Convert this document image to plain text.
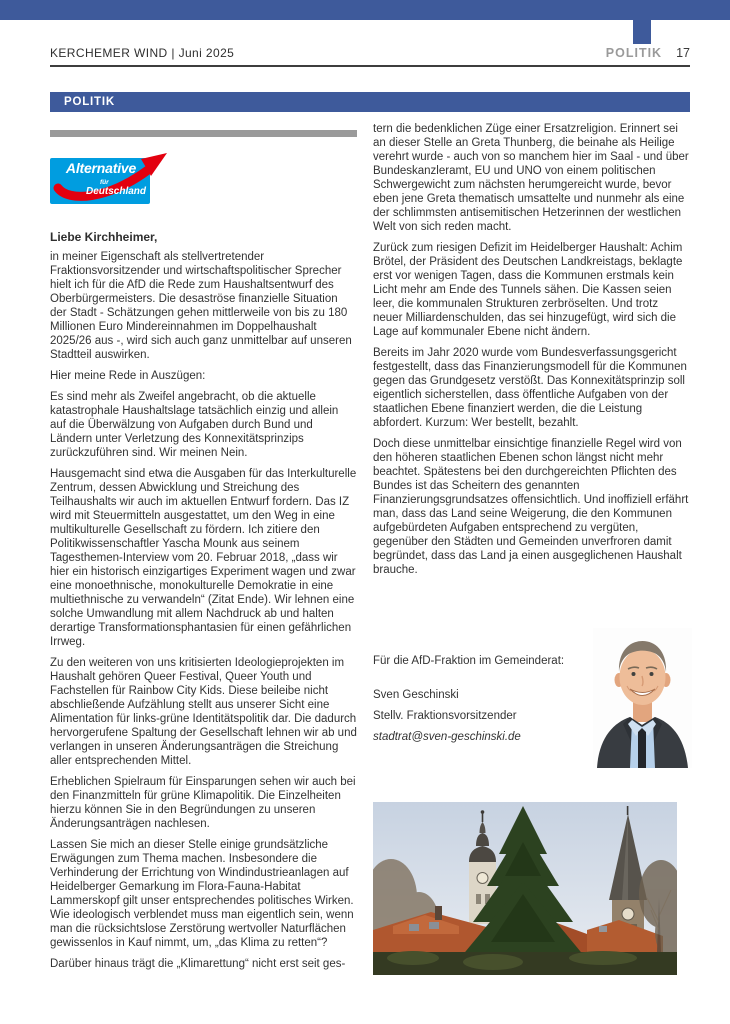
KERCHEMER WIND | Juni 2025	POLITIK 17
POLITIK
Alternative
für
Deutschland

Liebe Kirchheimer,

in meiner Eigenschaft als stellvertretender Fraktionsvorsitzender und wirtschaftspolitischer Sprecher hielt ich für die AfD die Rede zum Haushaltsentwurf des Oberbürgermeisters. Die desaströse finanzielle Situation der Stadt - Schätzungen gehen mittlerweile von bis zu 180 Millionen Euro Mindereinnahmen im Doppelhaushalt 2025/26 aus -, wird sich auch ganz unmittelbar auf unseren Stadtteil auswirken.

Hier meine Rede in Auszügen:

Es sind mehr als Zweifel angebracht, ob die aktuelle katastrophale Haushaltslage tatsächlich einzig und allein auf die Überwälzung von Aufgaben durch Bund und Ländern unter Verletzung des Konnexitätsprinzips zurückzuführen sind. Wir meinen Nein.

Hausgemacht sind etwa die Ausgaben für das Interkulturelle Zentrum, dessen Abwicklung und Streichung des Teilhaushalts wir auch im aktuellen Entwurf fordern. Das IZ wird mit Steuermitteln ausgestattet, um den Weg in eine multikulturelle Gesellschaft zu fördern. Ich zitiere den Politikwissenschaftler Yascha Mounk aus seinem Tagesthemen-Interview vom 20. Februar 2018, „dass wir hier ein historisch einzigartiges Experiment wagen und zwar eine monoethnische, monokulturelle Demokratie in eine multiethnische zu verwandeln“ (Zitat Ende). Wir lehnen eine solche Umwandlung mit allem Nachdruck ab und halten derartige Transformationsphantasien für einen gefährlichen Irrweg.

Zu den weiteren von uns kritisierten Ideologieprojekten im Haushalt gehören Queer Festival, Queer Youth und Fachstellen für Rainbow City Kids. Diese beileibe nicht abschließende Aufzählung stellt aus unserer Sicht eine Alimentation für links-grüne Identitätspolitik dar. Die dadurch hervorgerufene Spaltung der Gesellschaft lehnen wir ab und verlangen in unseren Änderungsanträgen die Streichung aller entsprechenden Mittel.

Erheblichen Spielraum für Einsparungen sehen wir auch bei den Finanzmitteln für grüne Klimapolitik. Die Einzelheiten hierzu können Sie in den Begründungen zu unseren Änderungsanträgen nachlesen.

Lassen Sie mich an dieser Stelle einige grundsätzliche Erwägungen zum Thema machen. Insbesondere die Verhinderung der Errichtung von Windindustrieanlagen auf Heidelberger Gemarkung im Flora-Fauna-Habitat Lammerskopf gilt unser entsprechendes politisches Wirken. Wie ideologisch verblendet muss man eigentlich sein, wenn man die rücksichtslose Zerstörung wertvoller Naturflächen gewissenlos in Kauf nimmt, um, „das Klima zu retten“?

Darüber hinaus trägt die „Klimarettung“ nicht erst seit ges-

tern die bedenklichen Züge einer Ersatzreligion. Erinnert sei an dieser Stelle an Greta Thunberg, die beinahe als Heilige verehrt wurde - auch von so manchem hier im Saal - und über Bundeskanzleramt, EU und UNO von einem politischen Schwergewicht zum nächsten herumgereicht wurde, bevor eben jene Greta thematisch umsattelte und nunmehr als eine der schlimmsten antisemitischen Hetzerinnen der westlichen Welt von sich reden macht.

Zurück zum riesigen Defizit im Heidelberger Haushalt: Achim Brötel, der Präsident des Deutschen Landkreistags, beklagte erst vor wenigen Tagen, dass die Kommunen erstmals kein Licht mehr am Ende des Tunnels sähen. Die Kassen seien leer, die kommunalen Strukturen zerbröselten. Und trotz neuer Milliardenschulden, das sei hinzugefügt, wird sich die Lage auf kommunaler Ebene nicht ändern.

Bereits im Jahr 2020 wurde vom Bundesverfassungsgericht festgestellt, dass das Finanzierungsmodell für die Kommunen gegen das Grundgesetz verstößt. Das Konnexitätsprinzip soll eigentlich sicherstellen, dass öffentliche Aufgaben von der staatlichen Ebene finanziert werden, die die Leistung abfordert. Kurzum: Wer bestellt, bezahlt.

Doch diese unmittelbar einsichtige finanzielle Regel wird von den höheren staatlichen Ebenen schon längst nicht mehr beachtet. Spätestens bei den durchgereichten Pflichten des Bundes ist das Scheitern des genannten Finanzierungsgrundsatzes offensichtlich. Und inoffiziell erfährt man, dass das Land seine Weigerung, die den Kommunen aufgebürdeten Aufgaben entsprechend zu vergüten, gegenüber den Städten und Gemeinden unverfroren damit begründet, dass das Land ja einen ausgeglichenen Haushalt brauche.

Für die AfD-Fraktion im Gemeinderat:
Sven Geschinski
Stellv. Fraktionsvorsitzender
stadtrat@sven-geschinski.de
